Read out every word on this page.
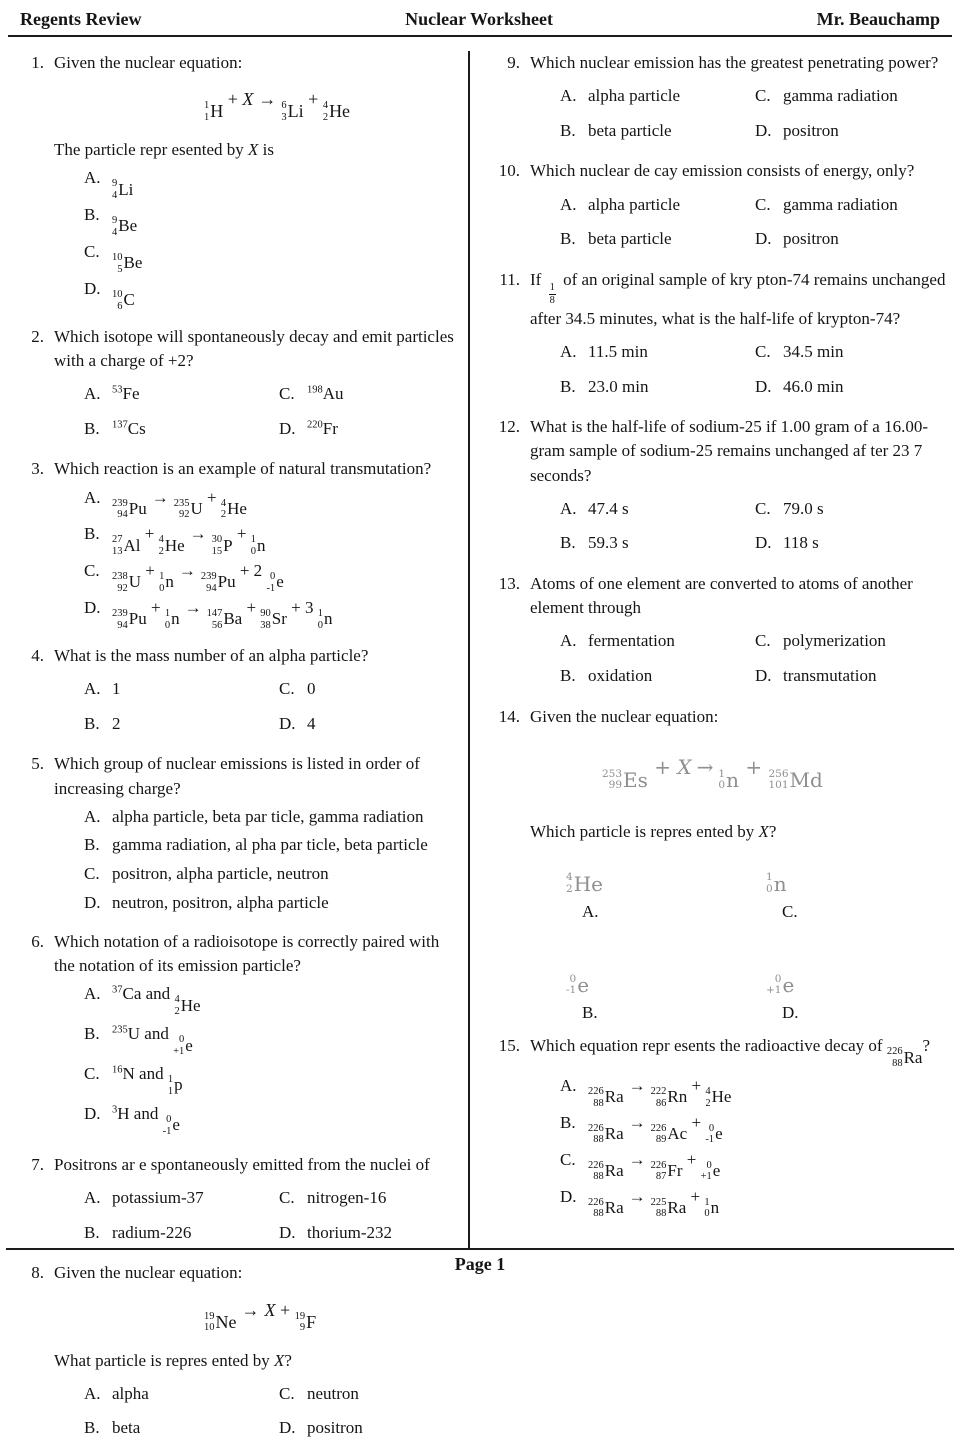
Regents Review	Nuclear Worksheet	Mr. Beauchamp
1. Given the nuclear equation:
1
1 H
+ X → 6
3 Li
+ 4
2 He
The particle repr esented by X is
A.	9
4 Li
B.	9
4 Be
C.	10
5 Be
D.	10
6 C
2. Which isotope will spontaneously decay and emit particles with a charge of +2?
A.	$^{53}$Fe
B.	$^{137}$Cs
C.	$^{198}$Au
D.	$^{220}$Fr
3. Which reaction is an example of natural transmutation?
A.	239
94 Pu
→ 235
92 U
+ 4
2 He
B.	27
13 Al
+ 4
2 He
→ 30
15 P
+ 1
0 n
C.	238
92 U
+ 1
0 n
→ 239
94 Pu
+ 2 0
-1 e
D.	239
94 Pu
+ 1
0 n
→ 147
56 Ba
+ 90
38 Sr
+ 3 1
0 n
4. What is the mass number of an alpha particle?
A. 1
B. 2
C. 0
D. 4
5. Which group of nuclear emissions is listed in order of increasing charge?
A. alpha particle, beta par ticle, gamma radiation
B. gamma radiation, al pha par ticle, beta particle
C. positron, alpha particle, neutron
D. neutron, positron, alpha particle
6. Which notation of a radioisotope is correctly paired with the notation of its emission particle?
A.	$^{37}$Ca and 4
2 He
B.	$^{235}$U and 0
+1 e
C.	$^{16}$N and 1
1 p
D.	$^3$H and 0
-1 e
7. Positrons ar e spontaneously emitted from the nuclei of
A. potassium-37
B. radium-226
C. nitrogen-16
D. thorium-232
8. Given the nuclear equation:
19
10 Ne
→ X + 19
9 F
What particle is repres ented by X?
A. alpha
B. beta
C. neutron
D. positron
9. Which nuclear emission has the greatest penetrating power?
A. alpha particle
B. beta particle
C. gamma radiation
D. positron
10. Which nuclear de cay emission consists of energy, only?
A. alpha particle
B. beta particle
C. gamma radiation
D. positron
11. If
$\frac{1}{8}$
of an original sample of kry pton-74 remains unchanged after 34.5 minutes, what is the half-life of krypton-74?
A. 11.5 min
B. 23.0 min
C. 34.5 min
D. 46.0 min
12. What is the half-life of sodium-25 if 1.00 gram of a 16.00-gram sample of sodium-25 remains unchanged af ter 23 7 seconds?
A. 47.4 s
B. 59.3 s
C. 79.0 s
D. 118 s
13. Atoms of one element are converted to atoms of another element through
A. fermentation
B. oxidation
C. polymerization
D. transmutation
14. Given the nuclear equation:
253
99 Es
+ X → 1
0 n
+ 256
101 Md
Which particle is repres ented by X?
4
2 He
A.
0
-1 e
B.
1
0 n
C.
0
+1 e
D.
15. Which equation repr esents the radioactive decay of 226
88 Ra
?
A.	226
88 Ra
→ 222
86 Rn
+ 4
2 He
B.	226
88 Ra
→ 226
89 Ac
+ 0
-1 e
C.	226
88 Ra
→ 226
87 Fr
+ 0
+1 e
D.	226
88 Ra
→ 225
88 Ra
+ 1
0 n
Page 1
